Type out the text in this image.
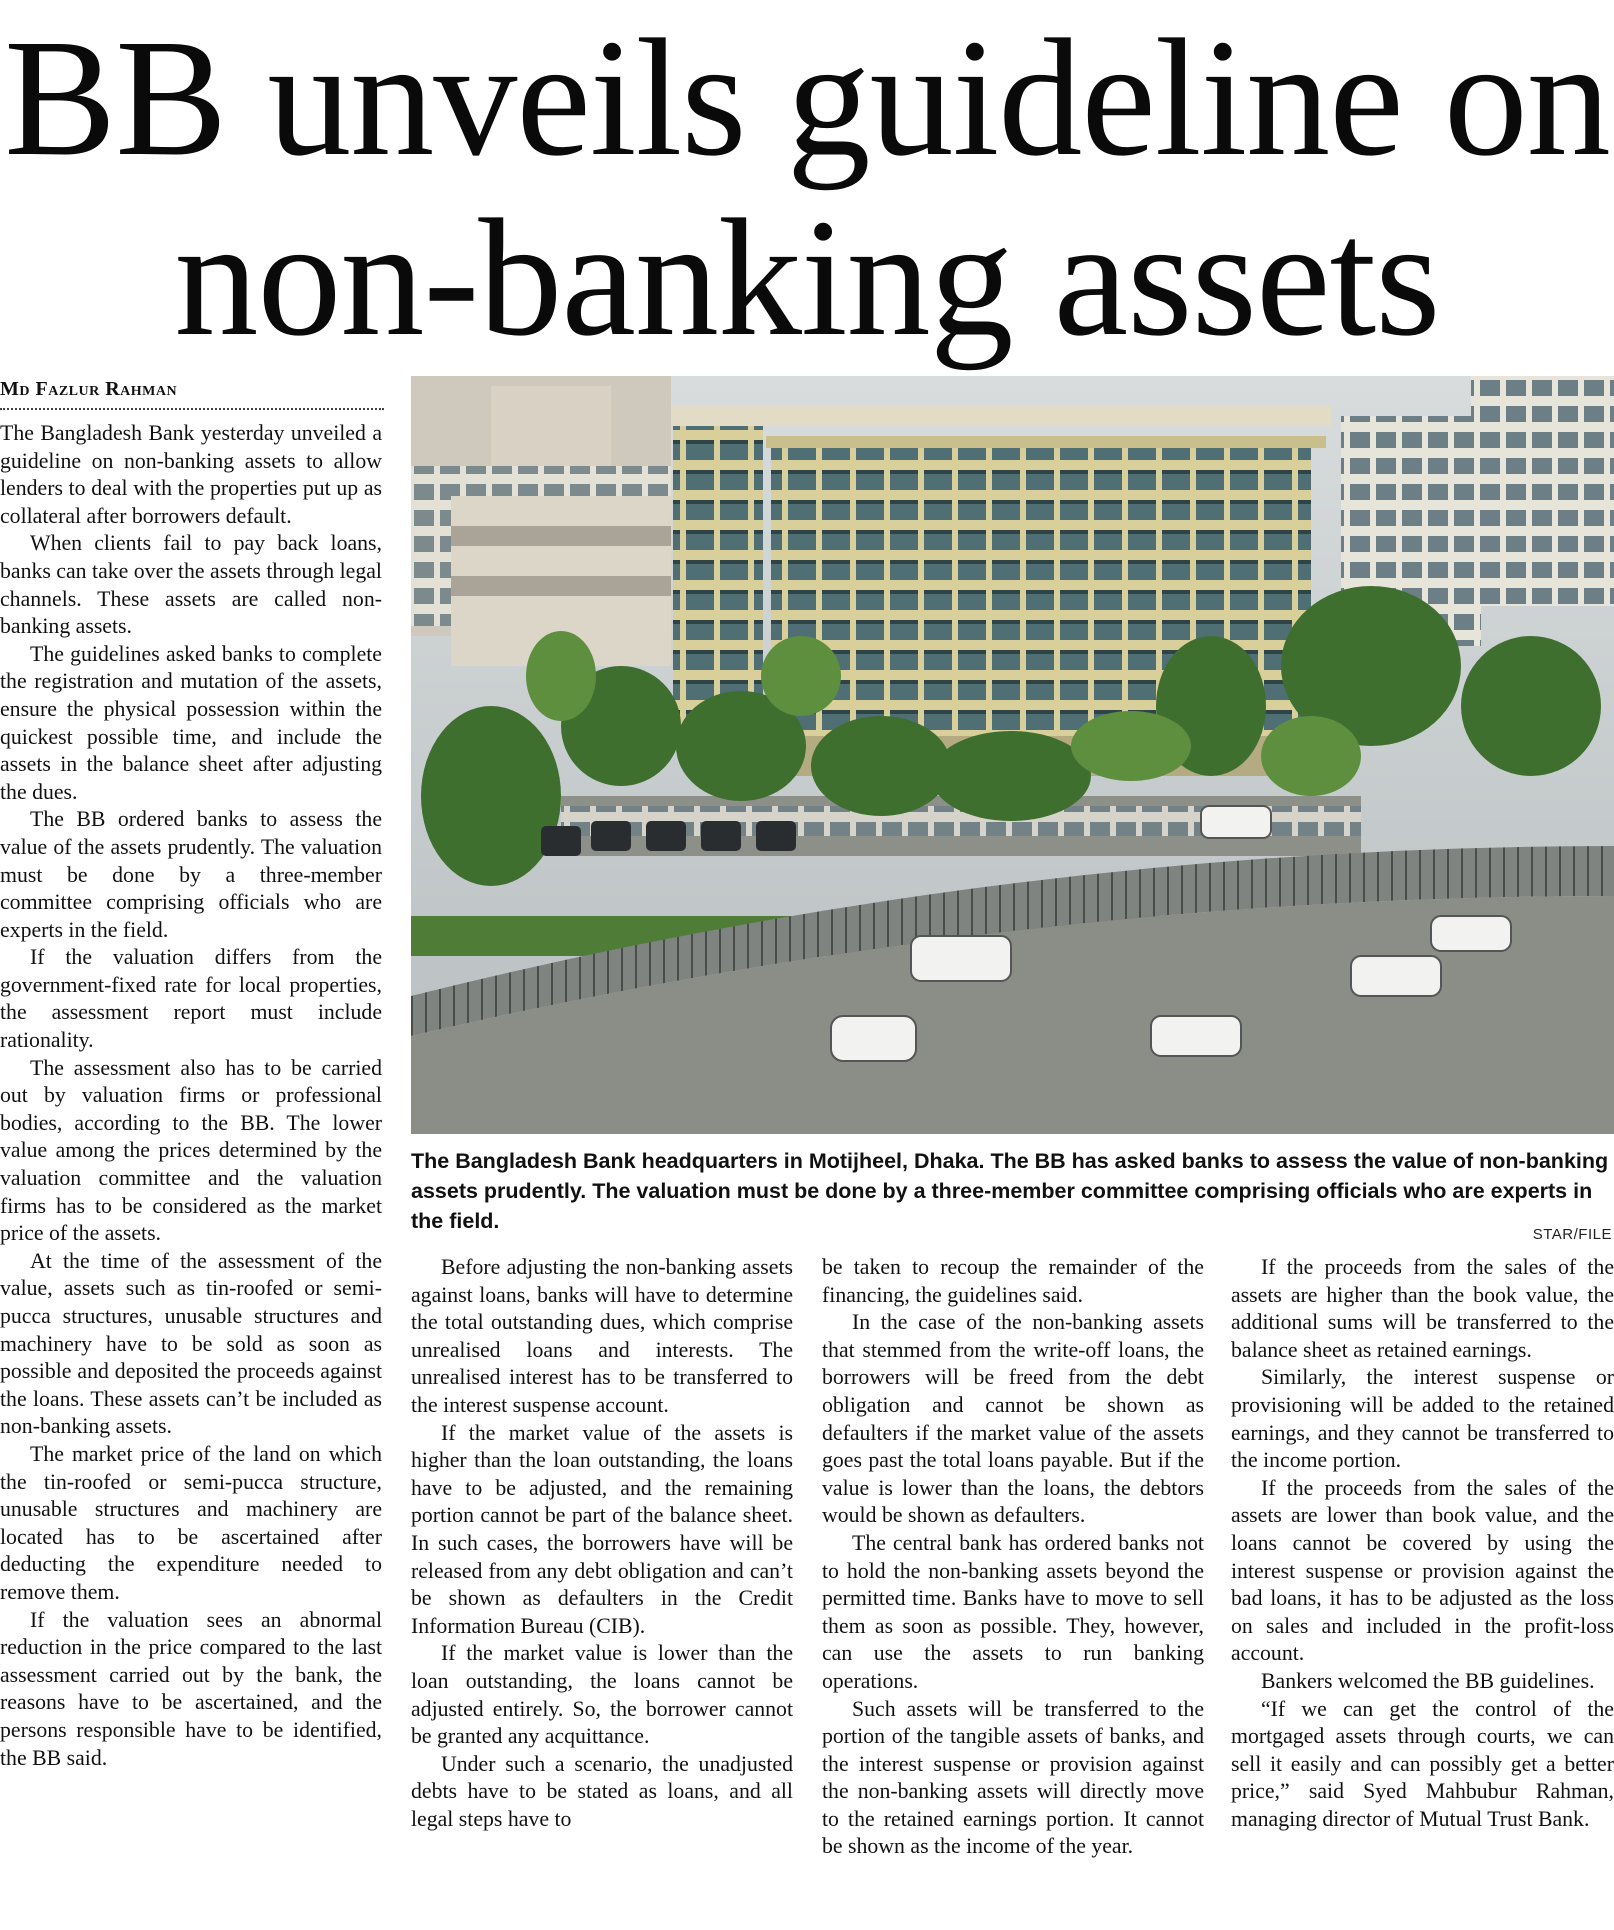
BB unveils guideline on
non-banking assets
Md Fazlur Rahman

The Bangladesh Bank yesterday unveiled a guideline on non-banking assets to allow lenders to deal with the properties put up as collateral after borrowers default.

When clients fail to pay back loans, banks can take over the assets through legal channels. These assets are called non-banking assets.

The guidelines asked banks to complete the registration and mutation of the assets, ensure the physical possession within the quickest possible time, and include the assets in the balance sheet after adjusting the dues.

The BB ordered banks to assess the value of the assets prudently. The valuation must be done by a three-member committee comprising officials who are experts in the field.

If the valuation differs from the government-fixed rate for local properties, the assessment report must include rationality.

The assessment also has to be carried out by valuation firms or professional bodies, according to the BB. The lower value among the prices determined by the valuation committee and the valuation firms has to be considered as the market price of the assets.

At the time of the assessment of the value, assets such as tin-roofed or semi-pucca structures, unusable structures and machinery have to be sold as soon as possible and deposited the proceeds against the loans. These assets can’t be included as non-banking assets.

The market price of the land on which the tin-roofed or semi-pucca structure, unusable structures and machinery are located has to be ascertained after deducting the expenditure needed to remove them.

If the valuation sees an abnormal reduction in the price compared to the last assessment carried out by the bank, the reasons have to be ascertained, and the persons responsible have to be identified, the BB said.

The Bangladesh Bank headquarters in Motijheel, Dhaka. The BB has asked banks to assess the value of non-banking assets prudently. The valuation must be done by a three-member committee comprising officials who are experts in the field.

STAR/FILE

Before adjusting the non-banking assets against loans, banks will have to determine the total outstanding dues, which comprise unrealised loans and interests. The unrealised interest has to be transferred to the interest suspense account.

If the market value of the assets is higher than the loan outstanding, the loans have to be adjusted, and the remaining portion cannot be part of the balance sheet. In such cases, the borrowers have will be released from any debt obligation and can’t be shown as defaulters in the Credit Information Bureau (CIB).

If the market value is lower than the loan outstanding, the loans cannot be adjusted entirely. So, the borrower cannot be granted any acquittance.

Under such a scenario, the unadjusted debts have to be stated as loans, and all legal steps have to

be taken to recoup the remainder of the financing, the guidelines said.

In the case of the non-banking assets that stemmed from the write-off loans, the borrowers will be freed from the debt obligation and cannot be shown as defaulters if the market value of the assets goes past the total loans payable. But if the value is lower than the loans, the debtors would be shown as defaulters.

The central bank has ordered banks not to hold the non-banking assets beyond the permitted time. Banks have to move to sell them as soon as possible. They, however, can use the assets to run banking operations.

Such assets will be transferred to the portion of the tangible assets of banks, and the interest suspense or provision against the non-banking assets will directly move to the retained earnings portion. It cannot be shown as the income of the year.

If the proceeds from the sales of the assets are higher than the book value, the additional sums will be transferred to the balance sheet as retained earnings.

Similarly, the interest suspense or provisioning will be added to the retained earnings, and they cannot be transferred to the income portion.

If the proceeds from the sales of the assets are lower than book value, and the loans cannot be covered by using the interest suspense or provision against the bad loans, it has to be adjusted as the loss on sales and included in the profit-loss account.

Bankers welcomed the BB guidelines.

“If we can get the control of the mortgaged assets through courts, we can sell it easily and can possibly get a better price,” said Syed Mahbubur Rahman, managing director of Mutual Trust Bank.
